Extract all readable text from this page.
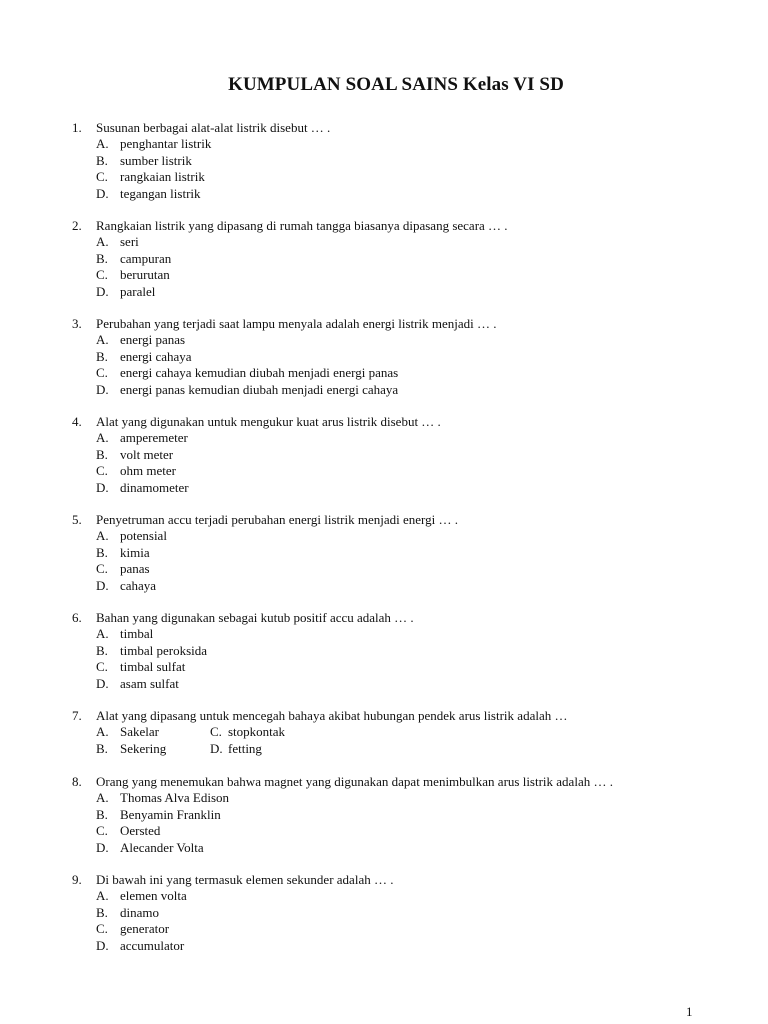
KUMPULAN SOAL SAINS Kelas VI SD
1. Susunan berbagai alat-alat listrik disebut … .
A. penghantar listrik
B. sumber listrik
C. rangkaian listrik
D. tegangan listrik
2. Rangkaian listrik yang dipasang di rumah tangga biasanya dipasang secara … .
A. seri
B. campuran
C. berurutan
D. paralel
3. Perubahan yang terjadi saat lampu menyala adalah energi listrik menjadi … .
A. energi panas
B. energi cahaya
C. energi cahaya kemudian diubah menjadi energi panas
D. energi panas kemudian diubah menjadi energi cahaya
4. Alat yang digunakan untuk mengukur kuat arus listrik disebut … .
A. amperemeter
B. volt meter
C. ohm meter
D. dinamometer
5. Penyetruman accu terjadi perubahan energi listrik menjadi energi … .
A. potensial
B. kimia
C. panas
D. cahaya
6. Bahan yang digunakan sebagai kutub positif accu adalah … .
A. timbal
B. timbal peroksida
C. timbal sulfat
D. asam sulfat
7. Alat yang dipasang untuk mencegah bahaya akibat hubungan pendek arus listrik adalah …
A. Sakelar	C. stopkontak
B. Sekering	D. fetting
8. Orang yang menemukan bahwa magnet yang digunakan dapat menimbulkan arus listrik adalah … .
A. Thomas Alva Edison
B. Benyamin Franklin
C. Oersted
D. Alecander Volta
9. Di bawah ini yang termasuk elemen sekunder adalah … .
A. elemen volta
B. dinamo
C. generator
D. accumulator
1
